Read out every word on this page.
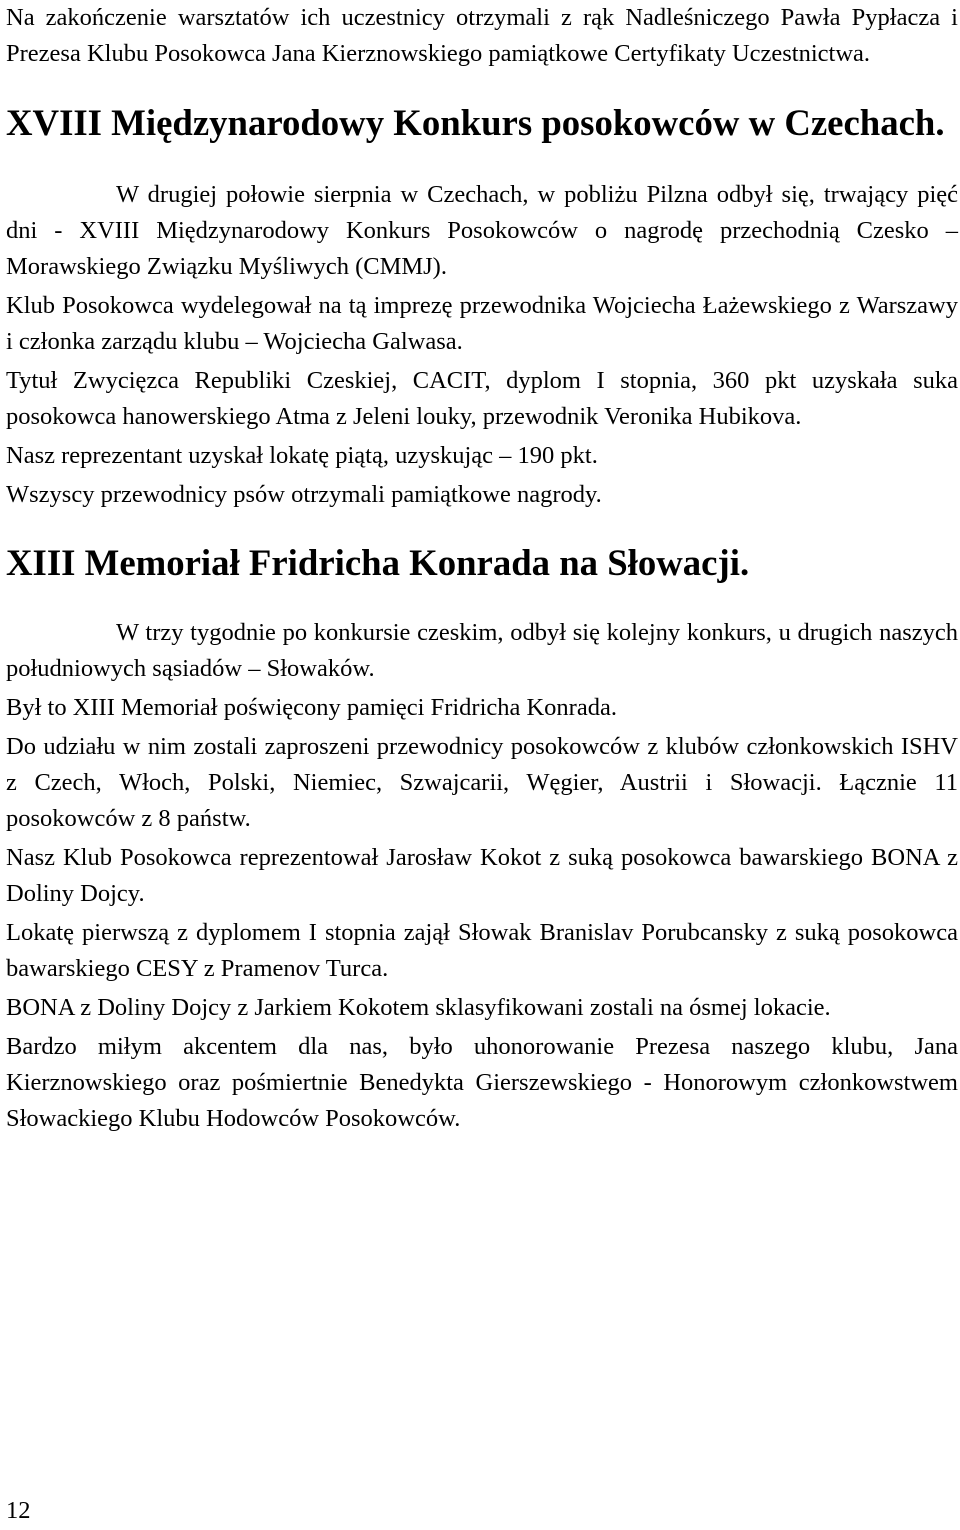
Na zakończenie warsztatów ich uczestnicy otrzymali z rąk Nadleśniczego Pawła Pypłacza i Prezesa Klubu Posokowca Jana Kierznowskiego pamiątkowe Certyfikaty Uczestnictwa.

XVIII Międzynarodowy Konkurs posokowców w Czechach.

W drugiej połowie sierpnia w Czechach, w pobliżu Pilzna odbył się, trwający pięć dni - XVIII Międzynarodowy Konkurs Posokowców o nagrodę przechodnią Czesko – Morawskiego Związku Myśliwych (CMMJ).

Klub Posokowca wydelegował na tą imprezę przewodnika Wojciecha Łażewskiego z Warszawy i członka zarządu klubu – Wojciecha Galwasa.

Tytuł Zwycięzca Republiki Czeskiej, CACIT, dyplom I stopnia, 360 pkt uzyskała suka posokowca hanowerskiego Atma z Jeleni louky, przewodnik Veronika Hubikova.

Nasz reprezentant uzyskał lokatę piątą, uzyskując – 190 pkt.

Wszyscy przewodnicy psów otrzymali pamiątkowe nagrody.

XIII Memoriał Fridricha Konrada na Słowacji.

W trzy tygodnie po konkursie czeskim, odbył się kolejny konkurs, u drugich naszych południowych sąsiadów – Słowaków.

Był to XIII Memoriał poświęcony pamięci Fridricha Konrada.

Do udziału w nim zostali zaproszeni przewodnicy posokowców z klubów członkowskich ISHV z Czech, Włoch, Polski, Niemiec, Szwajcarii, Węgier, Austrii i Słowacji. Łącznie 11 posokowców z 8 państw.

Nasz Klub Posokowca reprezentował Jarosław Kokot z suką posokowca bawarskiego BONA z Doliny Dojcy.

Lokatę pierwszą z dyplomem I stopnia zajął Słowak Branislav Porubcansky z suką posokowca bawarskiego CESY z Pramenov Turca.

BONA z Doliny Dojcy z Jarkiem Kokotem sklasyfikowani zostali na ósmej lokacie.

Bardzo miłym akcentem dla nas, było uhonorowanie Prezesa naszego klubu, Jana Kierznowskiego oraz pośmiertnie Benedykta Gierszewskiego - Honorowym członkowstwem Słowackiego Klubu Hodowców Posokowców.

12
